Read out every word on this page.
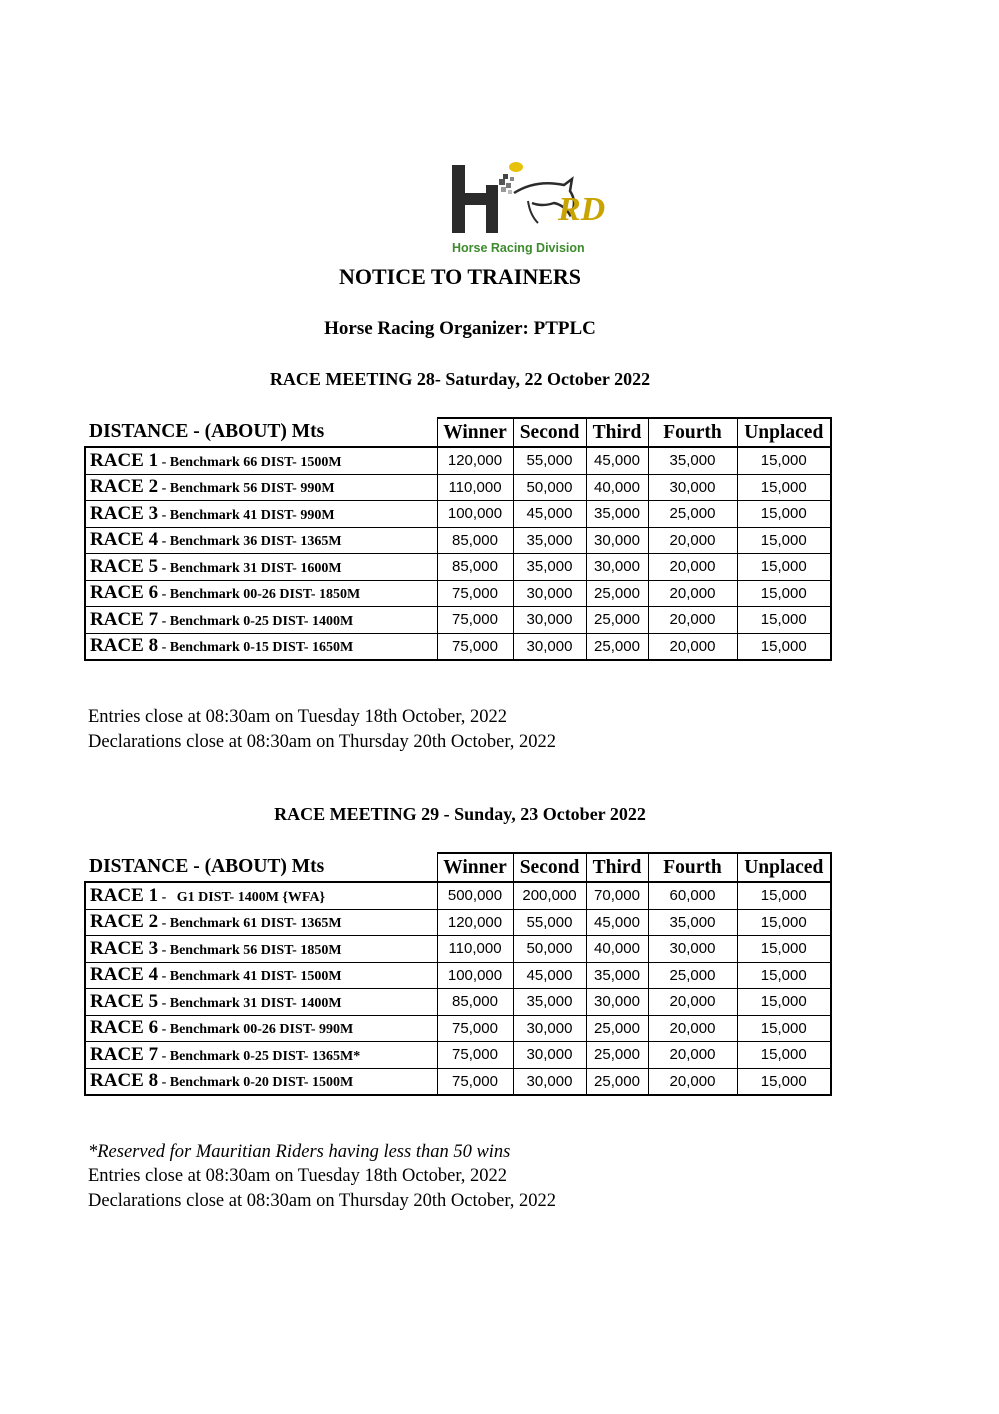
RD
Horse Racing Division
NOTICE TO TRAINERS
Horse Racing Organizer: PTPLC
RACE MEETING 28- Saturday, 22 October 2022
DISTANCE - (ABOUT) Mts	Winner	Second	Third	Fourth	Unplaced
RACE 1 - Benchmark 66 DIST- 1500M	120,000	55,000	45,000	35,000	15,000
RACE 2 - Benchmark 56 DIST- 990M	110,000	50,000	40,000	30,000	15,000
RACE 3 - Benchmark 41 DIST- 990M	100,000	45,000	35,000	25,000	15,000
RACE 4 - Benchmark 36 DIST- 1365M	85,000	35,000	30,000	20,000	15,000
RACE 5 - Benchmark 31 DIST- 1600M	85,000	35,000	30,000	20,000	15,000
RACE 6 - Benchmark 00-26 DIST- 1850M	75,000	30,000	25,000	20,000	15,000
RACE 7 - Benchmark 0-25 DIST- 1400M	75,000	30,000	25,000	20,000	15,000
RACE 8 - Benchmark 0-15 DIST- 1650M	75,000	30,000	25,000	20,000	15,000
Entries close at 08:30am on Tuesday 18th October, 2022
Declarations close at 08:30am on Thursday 20th October, 2022
RACE MEETING 29 - Sunday, 23 October 2022
DISTANCE - (ABOUT) Mts	Winner	Second	Third	Fourth	Unplaced
RACE 1 -   G1 DIST- 1400M {WFA}	500,000	200,000	70,000	60,000	15,000
RACE 2 - Benchmark 61 DIST- 1365M	120,000	55,000	45,000	35,000	15,000
RACE 3 - Benchmark 56 DIST- 1850M	110,000	50,000	40,000	30,000	15,000
RACE 4 - Benchmark 41 DIST- 1500M	100,000	45,000	35,000	25,000	15,000
RACE 5 - Benchmark 31 DIST- 1400M	85,000	35,000	30,000	20,000	15,000
RACE 6 - Benchmark 00-26 DIST- 990M	75,000	30,000	25,000	20,000	15,000
RACE 7 - Benchmark 0-25 DIST- 1365M*	75,000	30,000	25,000	20,000	15,000
RACE 8 - Benchmark 0-20 DIST- 1500M	75,000	30,000	25,000	20,000	15,000
*Reserved for Mauritian Riders having less than 50 wins
Entries close at 08:30am on Tuesday 18th October, 2022
Declarations close at 08:30am on Thursday 20th October, 2022
